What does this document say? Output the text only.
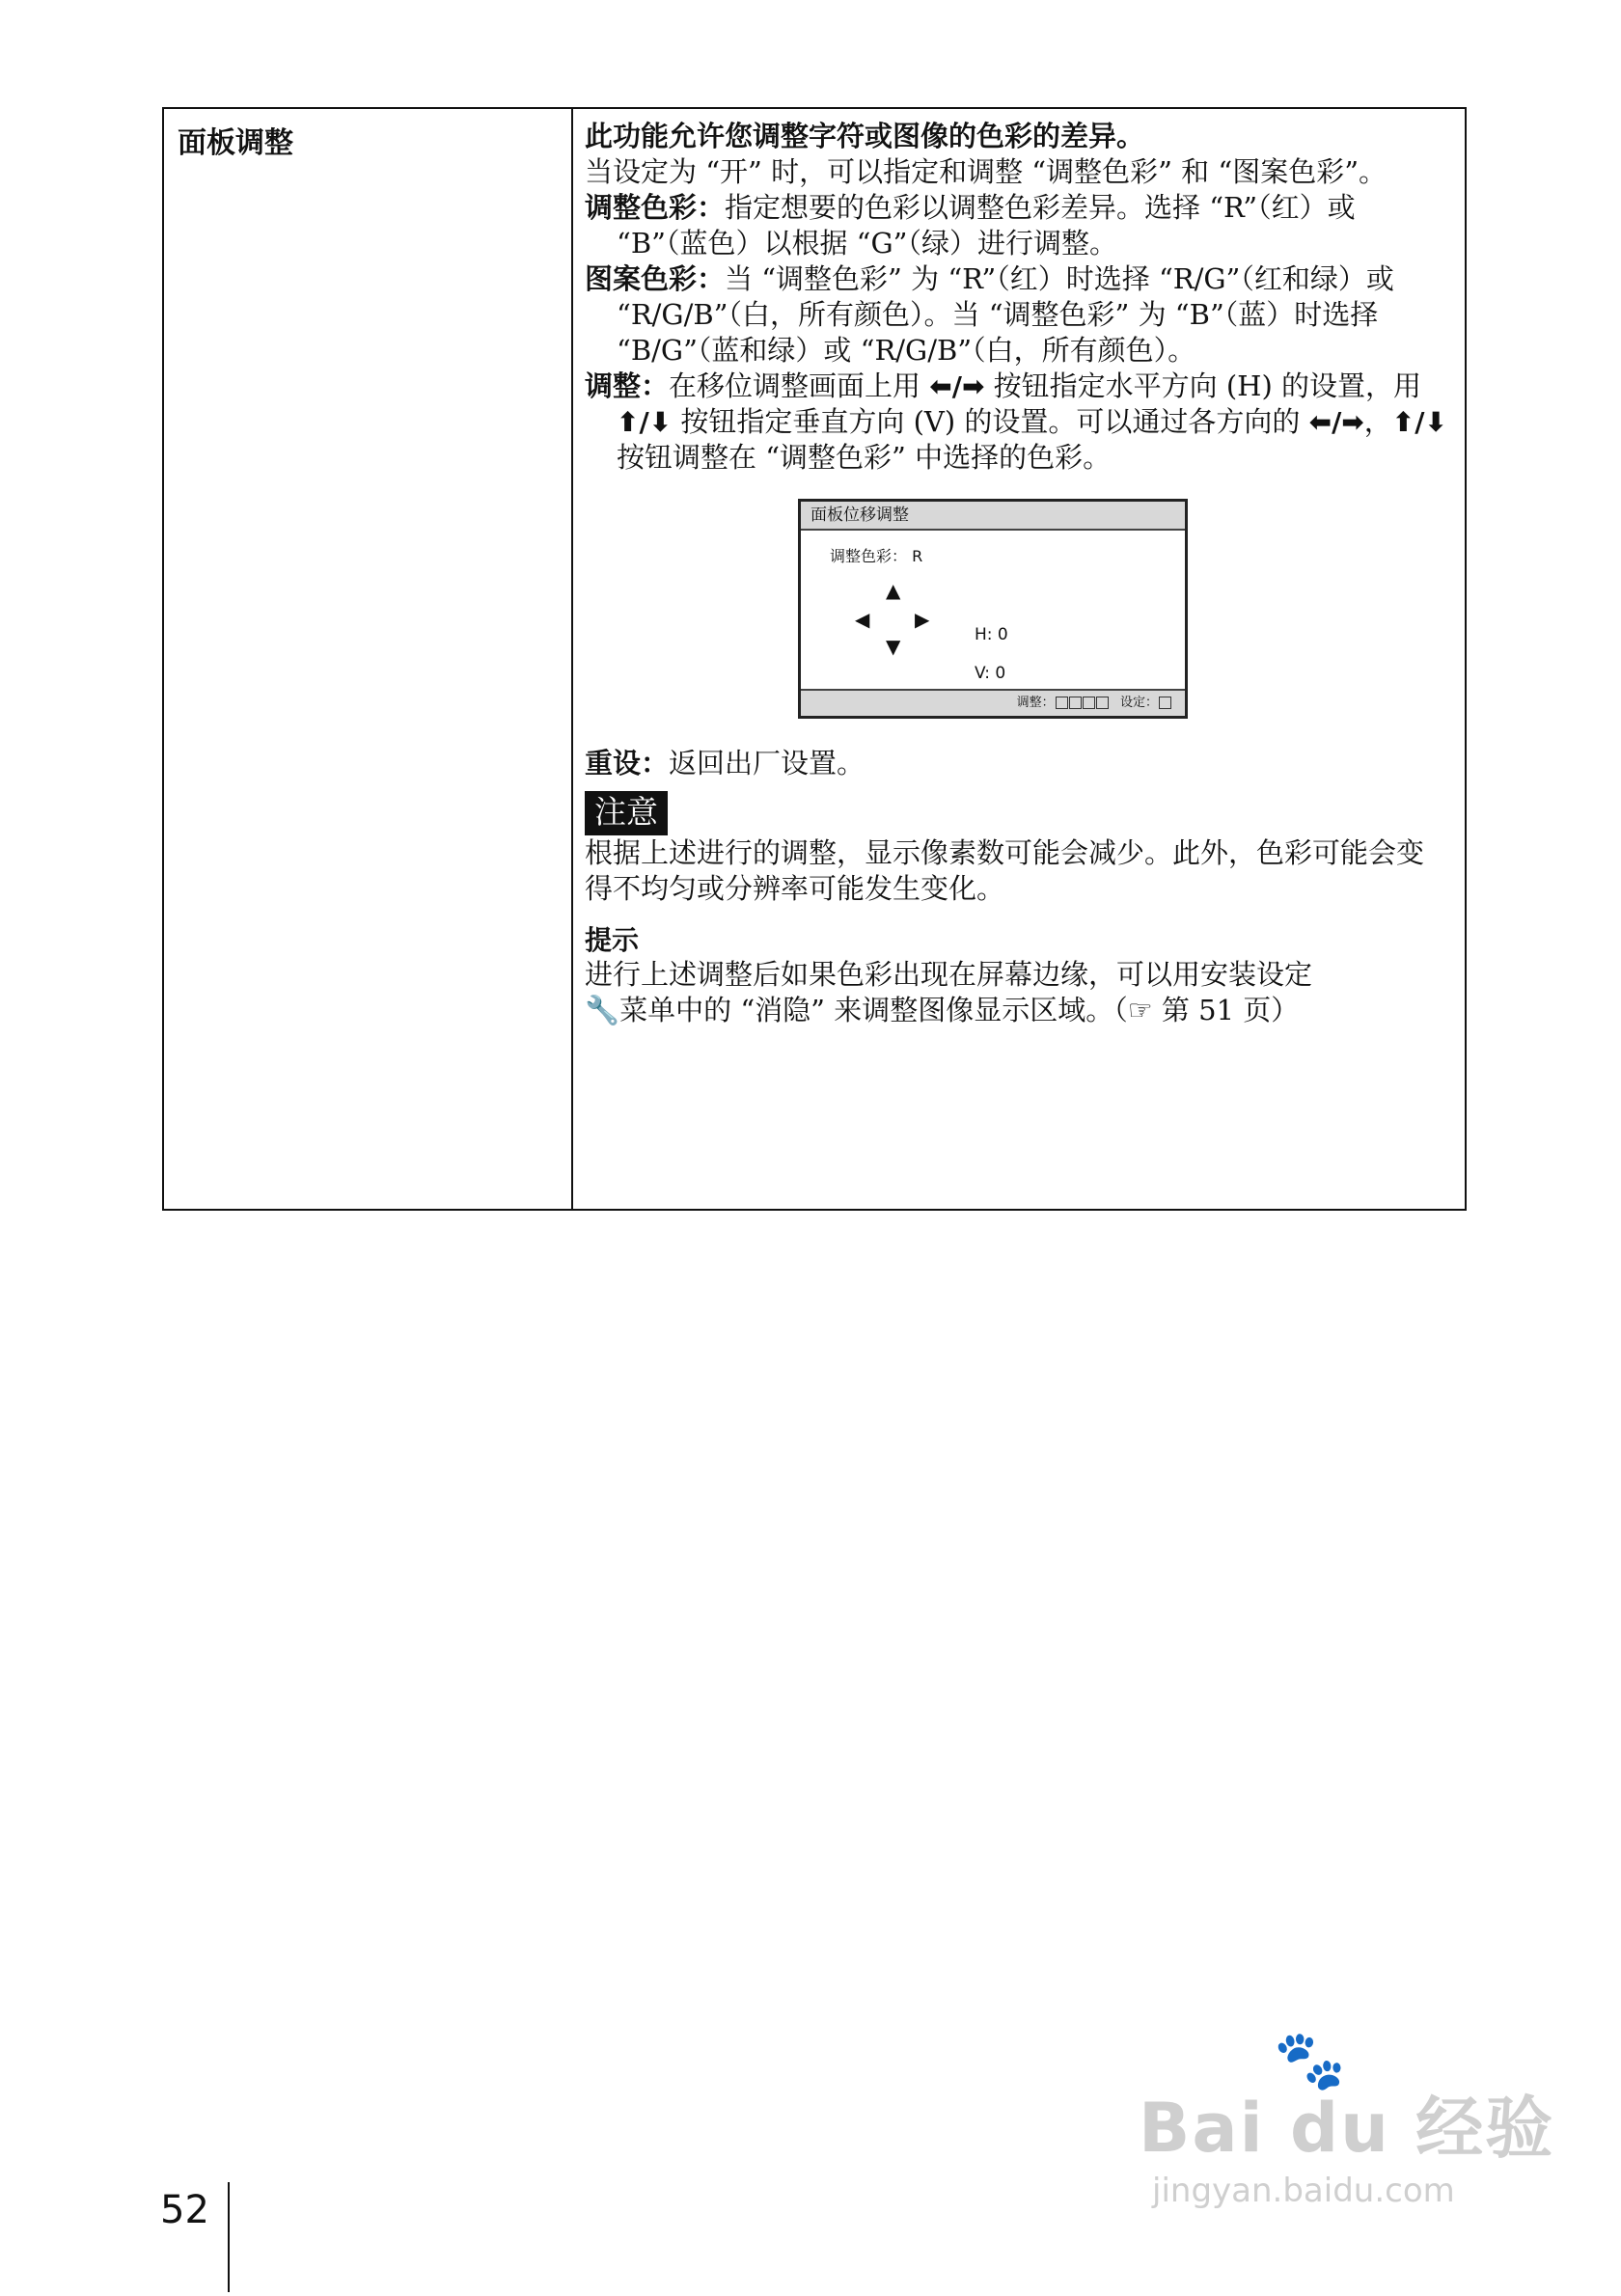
面板调整	此功能允许您调整字符或图像的色彩的差异。

当设定为 “开” 时，可以指定和调整 “调整色彩” 和 “图案色彩”。

调整色彩：指定想要的色彩以调整色彩差异。选择 “R”（红）或 “B”（蓝色）以根据 “G”（绿）进行调整。

图案色彩：当 “调整色彩” 为 “R”（红）时选择 “R/G”（红和绿）或 “R/G/B”（白，所有颜色）。当 “调整色彩” 为 “B”（蓝）时选择 “B/G”（蓝和绿）或 “R/G/B”（白，所有颜色）。

调整：在移位调整画面上用 ⬅/➡ 按钮指定水平方向 (H) 的设置，用 ⬆/⬇ 按钮指定垂直方向 (V) 的设置。可以通过各方向的 ⬅/➡，⬆/⬇ 按钮调整在 “调整色彩” 中选择的色彩。

面板位移调整
调整色彩： R
▲
◀ ▶
▼	H: 0
V: 0
调整：	设定：

重设：返回出厂设置。

注意

根据上述进行的调整，显示像素数可能会减少。此外，色彩可能会变得不均匀或分辨率可能发生变化。

提示

进行上述调整后如果色彩出现在屏幕边缘，可以用安装设定
🔧菜单中的 “消隐” 来调整图像显示区域。（☞ 第 51 页）

🐾
Bai du 经验
jingyan.baidu.com
52
